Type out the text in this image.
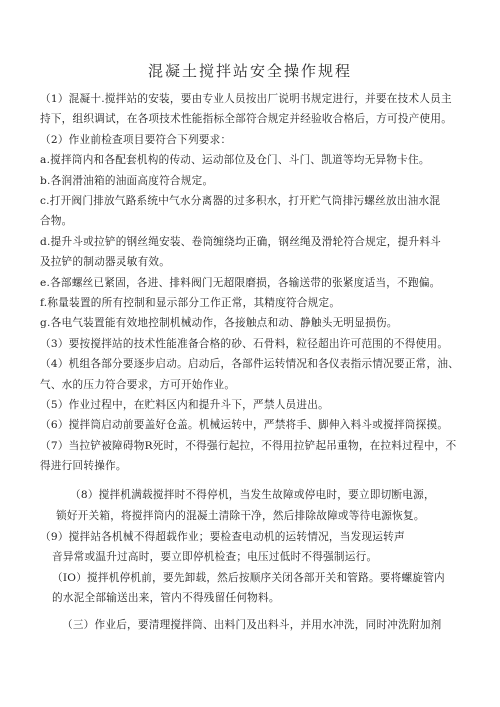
混凝土搅拌站安全操作规程
（1）混凝十.搅拌站的安装，要由专业人员按出厂说明书规定进行，并要在技术人员主
持下，组织调试，在各项技术性能指标全部符合规定并经验收合格后，方可投产使用。
（2）作业前检查项目要符合下列要求：
a.搅拌筒内和各配套机构的传动、运动部位及仓门、斗门、凯道等均无异物卡住。
b.各润滑油箱的油面高度符合规定。
c.打开阀门排放气路系统中气水分离器的过多积水，打开贮气筒排污螺丝放出油水混
合物。
d.提升斗或拉铲的钢丝绳安装、卷筒缠绕均正确，钢丝绳及滑轮符合规定，提升料斗
及拉铲的制动器灵敏有效。
e.各部螺丝已紧固，各进、排料阀门无超限磨损，各输送带的张紧度适当，不跑偏。
f.称量装置的所有控制和显示部分工作正常，其精度符合规定。
g.各电气装置能有效地控制机械动作，各接触点和动、静触头无明显损伤。
（3）要按搅拌站的技术性能准备合格的砂、石骨料，粒径超出许可范围的不得使用。
（4）机组各部分要逐步启动。启动后，各部件运转情况和各仪表指示情况要正常，油、
气、水的压力符合要求，方可开始作业。
（5）作业过程中，在贮料区内和提升斗下，严禁人员进出。
（6）搅拌筒启动前要盖好仓盖。机械运转中，严禁将手、脚伸入料斗或搅拌筒探摸。
（7）当拉铲被障碍物R死时，不得强行起拉，不得用拉铲起吊重物，在拉料过程中，不
得进行回转操作。
（8）搅拌机满载搅拌时不得停机，当发生故障或停电时，要立即切断电源，
锁好开关箱，将搅拌筒内的混凝土清除干净，然后排除故障或等待电源恢复。
（9）搅拌站各机械不得超载作业；要检查电动机的运转情况，当发现运转声
音异常或温升过高时，要立即停机检查；电压过低时不得强制运行。
（IO）搅拌机停机前，要先卸载，然后按顺序关闭各部开关和管路。要将螺旋管内
的水泥全部输送出来，管内不得残留任何物料。
（三）作业后，要清理搅拌筒、出料门及出料斗，并用水冲洗，同时冲洗附加剂
